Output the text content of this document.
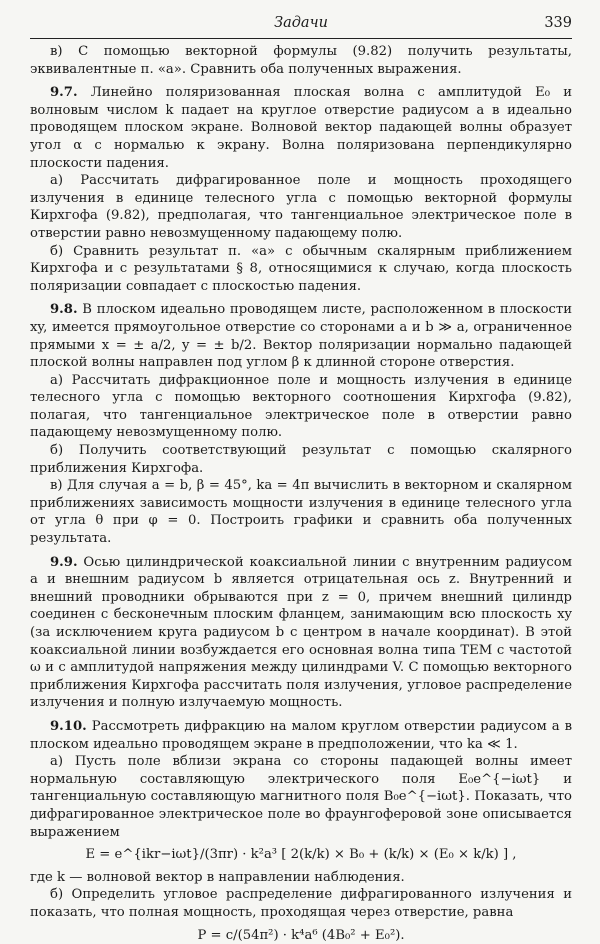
Задачи	339

в) С помощью векторной формулы (9.82) получить результаты, эквивалентные п. «а». Сравнить оба полученных выражения.

9.7. Линейно поляризованная плоская волна с амплитудой E₀ и волновым числом k падает на круглое отверстие радиусом a в идеально проводящем плоском экране. Волновой вектор падающей волны образует угол α с нормалью к экрану. Волна поляризована перпендикулярно плоскости падения.

а) Рассчитать дифрагированное поле и мощность проходящего излучения в единице телесного угла с помощью векторной формулы Кирхгофа (9.82), предполагая, что тангенциальное электрическое поле в отверстии равно невозмущенному падающему полю.

б) Сравнить результат п. «а» с обычным скалярным приближением Кирхгофа и с результатами § 8, относящимися к случаю, когда плоскость поляризации совпадает с плоскостью падения.

9.8. В плоском идеально проводящем листе, расположенном в плоскости xy, имеется прямоугольное отверстие со сторонами a и b ≫ a, ограниченное прямыми x = ± a/2, y = ± b/2. Вектор поляризации нормально падающей плоской волны направлен под углом β к длинной стороне отверстия.

а) Рассчитать дифракционное поле и мощность излучения в единице телесного угла с помощью векторного соотношения Кирхгофа (9.82), полагая, что тангенциальное электрическое поле в отверстии равно падающему невозмущенному полю.

б) Получить соответствующий результат с помощью скалярного приближения Кирхгофа.

в) Для случая a = b, β = 45°, ka = 4π вычислить в векторном и скалярном приближениях зависимость мощности излучения в единице телесного угла от угла θ при φ = 0. Построить графики и сравнить оба полученных результата.

9.9. Осью цилиндрической коаксиальной линии с внутренним радиусом a и внешним радиусом b является отрицательная ось z. Внутренний и внешний проводники обрываются при z = 0, причем внешний цилиндр соединен с бесконечным плоским фланцем, занимающим всю плоскость xy (за исключением круга радиусом b с центром в начале координат). В этой коаксиальной линии возбуждается его основная волна типа ТЕМ с частотой ω и с амплитудой напряжения между цилиндрами V. С помощью векторного приближения Кирхгофа рассчитать поля излучения, угловое распределение излучения и полную излучаемую мощность.

9.10. Рассмотреть дифракцию на малом круглом отверстии радиусом a в плоском идеально проводящем экране в предположении, что ka ≪ 1.

а) Пусть поле вблизи экрана со стороны падающей волны имеет нормальную составляющую электрического поля E₀e^{−iωt} и тангенциальную составляющую магнитного поля B₀e^{−iωt}. Показать, что дифрагированное электрическое поле во фраунгоферовой зоне описывается выражением

E = e^{ikr−iωt}/(3πr) · k²a³ [ 2(k/k) × B₀ + (k/k) × (E₀ × k/k) ] ,

где k — волновой вектор в направлении наблюдения.

б) Определить угловое распределение дифрагированного излучения и показать, что полная мощность, проходящая через отверстие, равна

P = c/(54π²) · k⁴a⁶ (4B₀² + E₀²).
